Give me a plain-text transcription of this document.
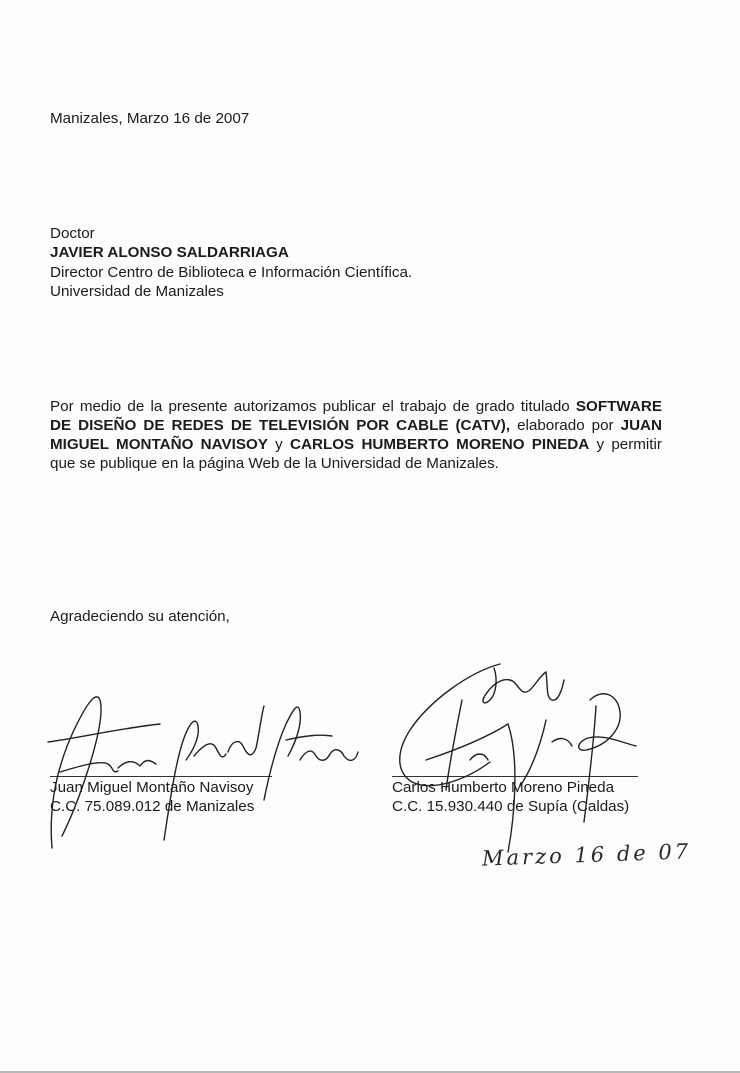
Manizales, Marzo 16 de 2007
Doctor
JAVIER ALONSO SALDARRIAGA
Director Centro de Biblioteca e Información Científica.
Universidad de Manizales
Por medio de la presente autorizamos publicar el trabajo de grado titulado SOFTWARE DE DISEÑO DE REDES DE TELEVISIÓN POR CABLE (CATV), elaborado por JUAN MIGUEL MONTAÑO NAVISOY y CARLOS HUMBERTO MORENO PINEDA y permitir que se publique en la página Web de la Universidad de Manizales.
Agradeciendo su atención,
Juan Miguel Montaño Navisoy
C.C. 75.089.012 de Manizales
Carlos Humberto Moreno Pineda
C.C. 15.930.440 de Supía (Caldas)
Marzo 16 de 07
